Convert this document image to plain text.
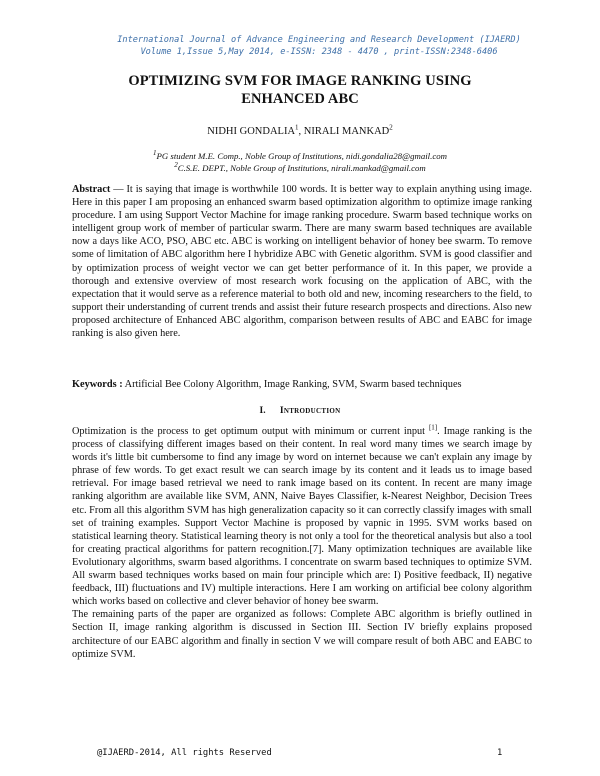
International Journal of Advance Engineering and Research Development (IJAERD)
Volume 1,Issue 5,May 2014, e-ISSN: 2348 - 4470 , print-ISSN:2348-6406
OPTIMIZING SVM FOR IMAGE RANKING USING
ENHANCED ABC
NIDHI GONDALIA$^1$, NIRALI MANKAD$^2$
$^1$PG student M.E. Comp., Noble Group of Institutions, nidi.gondalia28@gmail.com
$^2$C.S.E. DEPT., Noble Group of Institutions, nirali.mankad@gmail.com
Abstract — It is saying that image is worthwhile 100 words. It is better way to explain anything using image. Here in this paper I am proposing an enhanced swarm based optimization algorithm to optimize image ranking procedure. I am using Support Vector Machine for image ranking procedure. Swarm based technique works on intelligent group work of member of particular swarm. There are many swarm based techniques are available now a days like ACO, PSO, ABC etc. ABC is working on intelligent behavior of honey bee swarm. To remove some of limitation of ABC algorithm here I hybridize ABC with Genetic algorithm. SVM is good classifier and by optimization process of weight vector we can get better performance of it. In this paper, we provide a thorough and extensive overview of most research work focusing on the application of ABC, with the expectation that it would serve as a reference material to both old and new, incoming researchers to the field, to support their understanding of current trends and assist their future research prospects and directions. Also new proposed architecture of Enhanced ABC algorithm, comparison between results of ABC and EABC for image ranking is also given here.
Keywords : Artificial Bee Colony Algorithm, Image Ranking, SVM, Swarm based techniques
I. Introduction

Optimization is the process to get optimum output with minimum or current input [1]. Image ranking is the process of classifying different images based on their content. In real word many times we search image by words it's little bit cumbersome to find any image by word on internet because we can't explain any image by phrase of few words. To get exact result we can search image by its content and it leads us to image based retrieval. For image based retrieval we need to rank image based on its content. In recent are many image ranking algorithm are available like SVM, ANN, Naive Bayes Classifier, k-Nearest Neighbor, Decision Trees etc. From all this algorithm SVM has high generalization capacity so it can correctly classify images with small set of training examples. Support Vector Machine is proposed by vapnic in 1995. SVM works based on statistical learning theory. Statistical learning theory is not only a tool for the theoretical analysis but also a tool for creating practical algorithms for pattern recognition.[7]. Many optimization techniques are available like Evolutionary algorithms, swarm based algorithms. I concentrate on swarm based techniques to optimize SVM. All swarm based techniques works based on main four principle which are: I) Positive feedback, II) negative feedback, III) fluctuations and IV) multiple interactions. Here I am working on artificial bee colony algorithm which works based on collective and clever behavior of honey bee swarm.

The remaining parts of the paper are organized as follows: Complete ABC algorithm is briefly outlined in Section II, image ranking algorithm is discussed in Section III. Section IV briefly explains proposed architecture of our EABC algorithm and finally in section V we will compare result of both ABC and EABC to optimize SVM.

@IJAERD-2014, All rights Reserved	1
